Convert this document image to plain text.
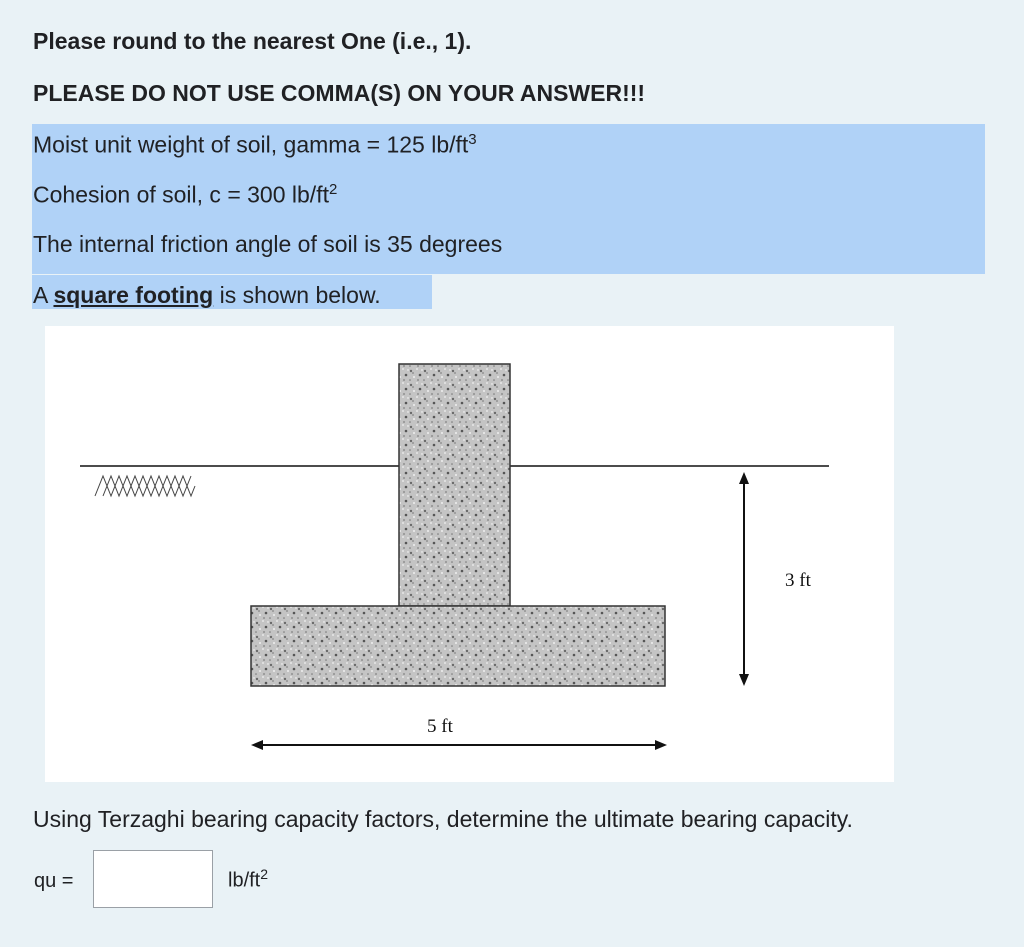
Please round to the nearest One (i.e., 1).
PLEASE DO NOT USE COMMA(S) ON YOUR ANSWER!!!
Moist unit weight of soil, gamma = 125 $lb/ft^3$
Cohesion of soil, c = 300 $lb/ft^2$
The internal friction angle of soil is 35 degrees
A square footing is shown below.
3 ft
5 ft
Using Terzaghi bearing capacity factors, determine the ultimate bearing capacity.
qu =	$lb/ft^2$
